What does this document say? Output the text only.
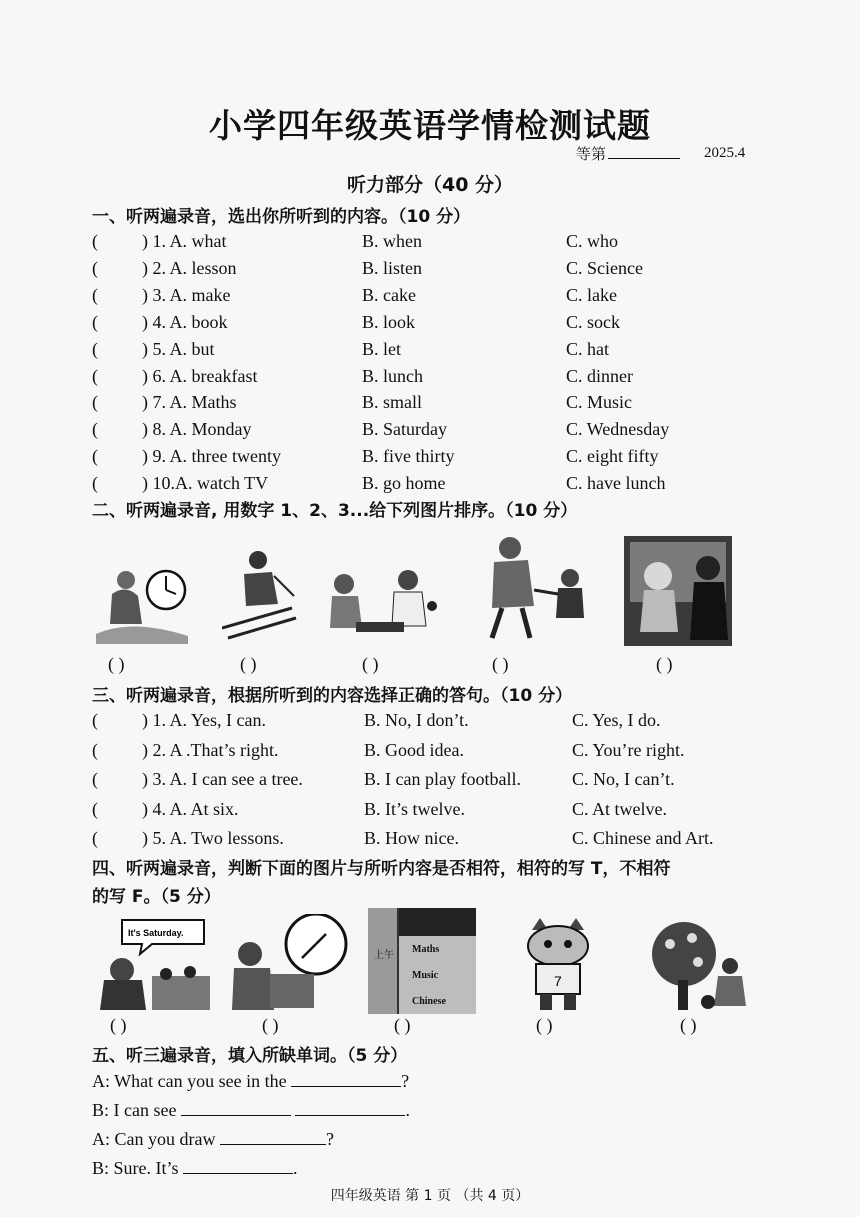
小学四年级英语学情检测试题
等第	2025.4
听力部分（40 分）
一、听两遍录音，选出你所听到的内容。（10 分）
( ) 1. A. what	B. when	C. who
( ) 2. A. lesson	B. listen	C. Science
( ) 3. A. make	B. cake	C. lake
( ) 4. A. book	B. look	C. sock
( ) 5. A. but	B. let	C. hat
( ) 6. A. breakfast	B. lunch	C. dinner
( ) 7. A. Maths	B. small	C. Music
( ) 8. A. Monday	B. Saturday	C. Wednesday
( ) 9. A. three twenty	B. five thirty	C. eight fifty
( ) 10.A. watch TV	B. go home	C. have lunch
二、听两遍录音, 用数字 1、2、3...给下列图片排序。（10 分）
( )	( )	( )	( )	( )
三、听两遍录音，根据所听到的内容选择正确的答句。（10 分）
( ) 1. A. Yes, I can.	B. No, I don’t.	C. Yes, I do.
( ) 2. A .That’s right.	B. Good idea.	C. You’re right.
( ) 3. A. I can see a tree.	B. I can play football.	C. No, I can’t.
( ) 4. A. At six.	B. It’s twelve.	C. At twelve.
( ) 5. A. Two lessons.	B. How nice.	C. Chinese and Art.
四、听两遍录音，判断下面的图片与所听内容是否相符，相符的写 T，不相符
的写 F。（5 分）
It's Saturday.
上午
Maths
Music
Chinese
7
( )	( )	( )	( )	( )
五、听三遍录音，填入所缺单词。（5 分）
A: What can you see in the	?
B: I can see	.
A: Can you draw	?
B: Sure. It’s	.
四年级英语 第 1 页 （共 4 页）
